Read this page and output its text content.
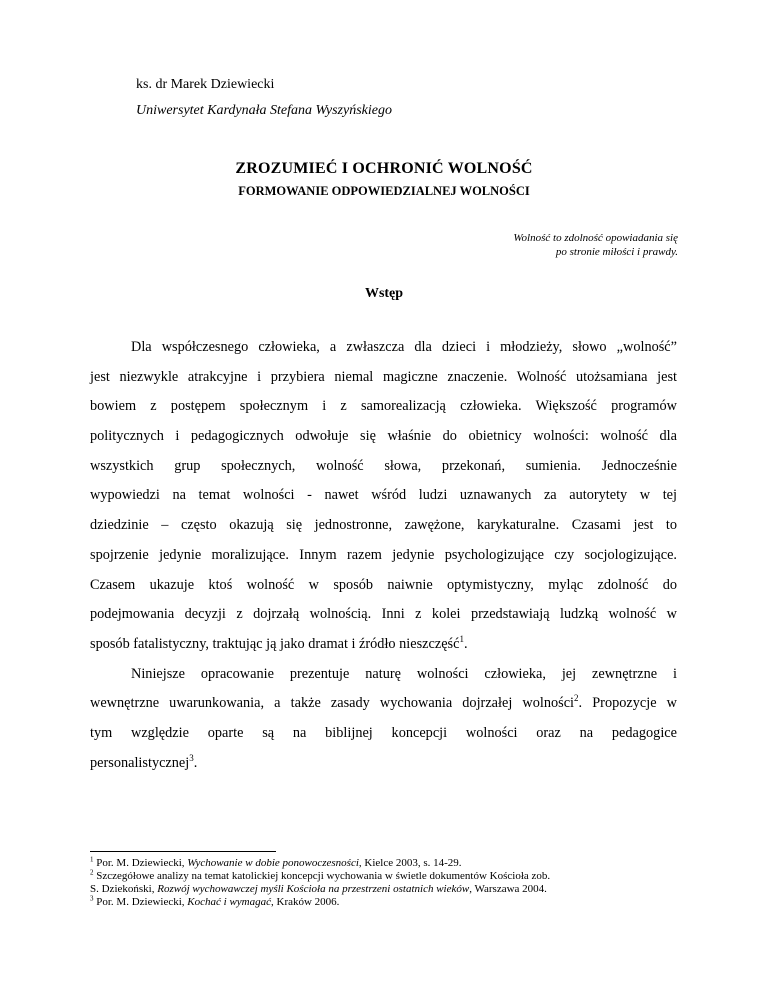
ks. dr Marek Dziewiecki
Uniwersytet Kardynała Stefana Wyszyńskiego
ZROZUMIEĆ I OCHRONIĆ WOLNOŚĆ
FORMOWANIE ODPOWIEDZIALNEJ WOLNOŚCI
Wolność to zdolność opowiadania się
po stronie miłości i prawdy.
Wstęp
Dla współczesnego człowieka, a zwłaszcza dla dzieci i młodzieży, słowo „wolność”
jest niezwykle atrakcyjne i przybiera niemal magiczne znaczenie. Wolność utożsamiana jest
bowiem z postępem społecznym i z samorealizacją człowieka. Większość programów
politycznych i pedagogicznych odwołuje się właśnie do obietnicy wolności: wolność dla
wszystkich grup społecznych, wolność słowa, przekonań, sumienia. Jednocześnie
wypowiedzi na temat wolności - nawet wśród ludzi uznawanych za autorytety w tej
dziedzinie – często okazują się jednostronne, zawężone, karykaturalne. Czasami jest to
spojrzenie jedynie moralizujące. Innym razem jedynie psychologizujące czy socjologizujące.
Czasem ukazuje ktoś wolność w sposób naiwnie optymistyczny, myląc zdolność do
podejmowania decyzji z dojrzałą wolnością. Inni z kolei przedstawiają ludzką wolność w
sposób fatalistyczny, traktując ją jako dramat i źródło nieszczęść$^1$.
Niniejsze opracowanie prezentuje naturę wolności człowieka, jej zewnętrzne i
wewnętrzne uwarunkowania, a także zasady wychowania dojrzałej wolności$^2$. Propozycje w
tym względzie oparte są na biblijnej koncepcji wolności oraz na pedagogice
personalistycznej$^3$.
$^1$ Por. M. Dziewiecki, Wychowanie w dobie ponowoczesności, Kielce 2003, s. 14-29.
$^2$ Szczegółowe analizy na temat katolickiej koncepcji wychowania w świetle dokumentów Kościoła zob.
S. Dziekoński, Rozwój wychowawczej myśli Kościoła na przestrzeni ostatnich wieków, Warszawa 2004.
$^3$ Por. M. Dziewiecki, Kochać i wymagać, Kraków 2006.
